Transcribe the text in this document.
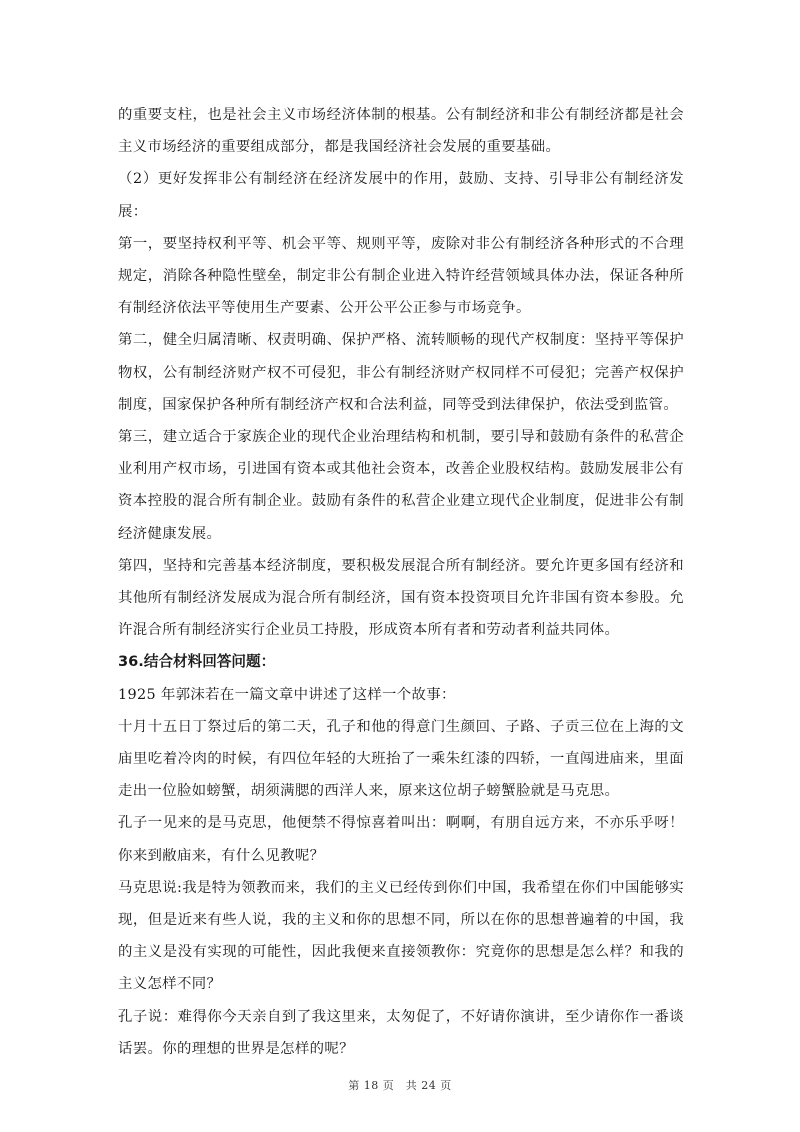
的重要支柱，也是社会主义市场经济体制的根基。公有制经济和非公有制经济都是社会主义市场经济的重要组成部分，都是我国经济社会发展的重要基础。

（2）更好发挥非公有制经济在经济发展中的作用，鼓励、支持、引导非公有制经济发展：

第一，要坚持权利平等、机会平等、规则平等，废除对非公有制经济各种形式的不合理规定，消除各种隐性壁垒，制定非公有制企业进入特许经营领域具体办法，保证各种所有制经济依法平等使用生产要素、公开公平公正参与市场竞争。

第二，健全归属清晰、权责明确、保护严格、流转顺畅的现代产权制度：坚持平等保护物权，公有制经济财产权不可侵犯，非公有制经济财产权同样不可侵犯；完善产权保护制度，国家保护各种所有制经济产权和合法利益，同等受到法律保护，依法受到监管。

第三，建立适合于家族企业的现代企业治理结构和机制，要引导和鼓励有条件的私营企业利用产权市场，引进国有资本或其他社会资本，改善企业股权结构。鼓励发展非公有资本控股的混合所有制企业。鼓励有条件的私营企业建立现代企业制度，促进非公有制经济健康发展。

第四，坚持和完善基本经济制度，要积极发展混合所有制经济。要允许更多国有经济和其他所有制经济发展成为混合所有制经济，国有资本投资项目允许非国有资本参股。允许混合所有制经济实行企业员工持股，形成资本所有者和劳动者利益共同体。

36.结合材料回答问题：

1925 年郭沫若在一篇文章中讲述了这样一个故事：

十月十五日丁祭过后的第二天，孔子和他的得意门生颜回、子路、子贡三位在上海的文庙里吃着冷肉的时候，有四位年轻的大班抬了一乘朱红漆的四轿，一直闯进庙来，里面走出一位脸如螃蟹，胡须满腮的西洋人来，原来这位胡子螃蟹脸就是马克思。

孔子一见来的是马克思，他便禁不得惊喜着叫出：啊啊，有朋自远方来，不亦乐乎呀！你来到敝庙来，有什么见教呢？

马克思说:我是特为领教而来，我们的主义已经传到你们中国，我希望在你们中国能够实现，但是近来有些人说，我的主义和你的思想不同，所以在你的思想普遍着的中国，我的主义是没有实现的可能性，因此我便来直接领教你：究竟你的思想是怎么样？和我的主义怎样不同？

孔子说：难得你今天亲自到了我这里来，太匆促了，不好请你演讲，至少请你作一番谈话罢。你的理想的世界是怎样的呢？

第 18 页　共 24 页
